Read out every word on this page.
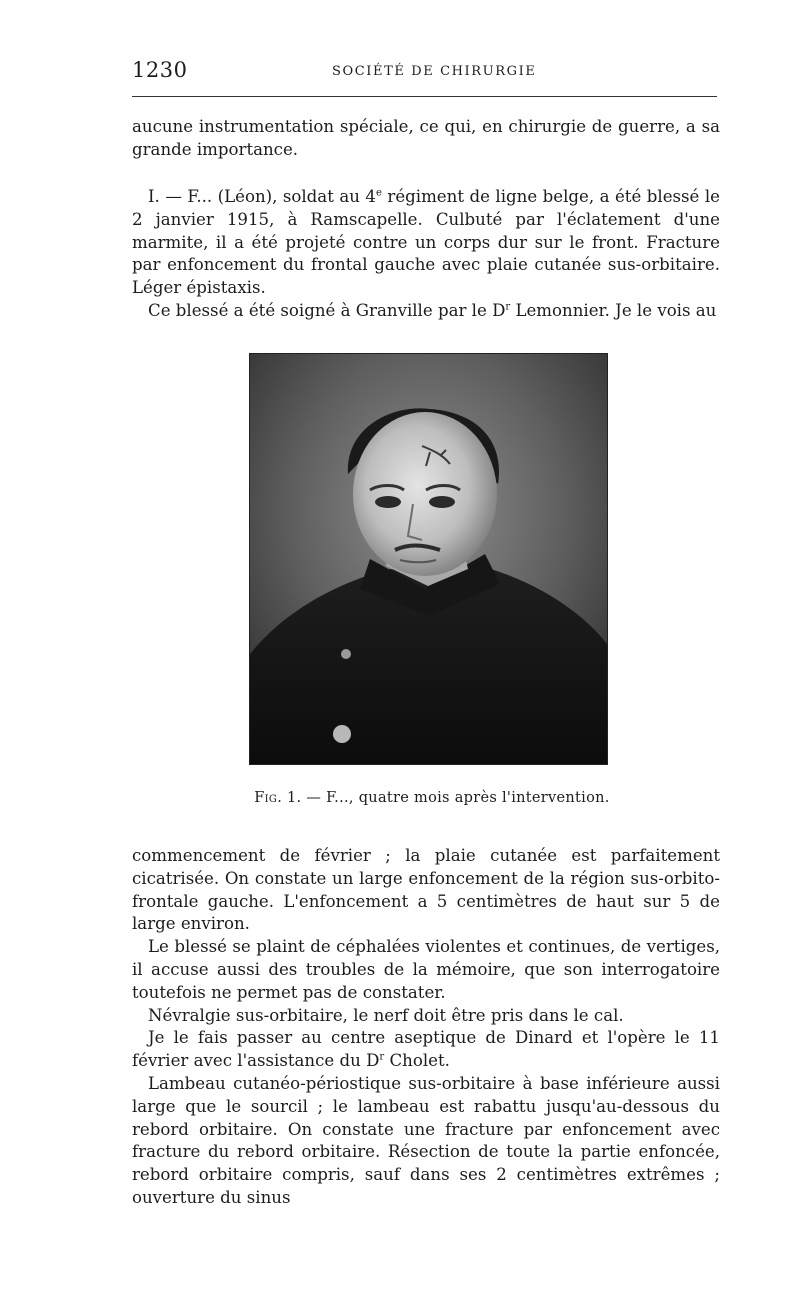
1230	SOCIÉTÉ DE CHIRURGIE

aucune instrumentation spéciale, ce qui, en chirurgie de guerre, a sa grande importance.

I. — F... (Léon), soldat au 4e régiment de ligne belge, a été blessé le 2 janvier 1915, à Ramscapelle. Culbuté par l'éclatement d'une marmite, il a été projeté contre un corps dur sur le front. Fracture par enfoncement du frontal gauche avec plaie cutanée sus-orbitaire. Léger épistaxis.

Ce blessé a été soigné à Granville par le $D^r$ Lemonnier. Je le vois au

Fig. 1. — F..., quatre mois après l'intervention.

commencement de février ; la plaie cutanée est parfaitement cicatrisée. On constate un large enfoncement de la région sus-orbito-frontale gauche. L'enfoncement a 5 centimètres de haut sur 5 de large environ.

Le blessé se plaint de céphalées violentes et continues, de vertiges, il accuse aussi des troubles de la mémoire, que son interrogatoire toutefois ne permet pas de constater.

Névralgie sus-orbitaire, le nerf doit être pris dans le cal.

Je le fais passer au centre aseptique de Dinard et l'opère le 11 février avec l'assistance du $D^r$ Cholet.

Lambeau cutanéo-périostique sus-orbitaire à base inférieure aussi large que le sourcil ; le lambeau est rabattu jusqu'au-dessous du rebord orbitaire. On constate une fracture par enfoncement avec fracture du rebord orbitaire. Résection de toute la partie enfoncée, rebord orbitaire compris, sauf dans ses 2 centimètres extrêmes ; ouverture du sinus
